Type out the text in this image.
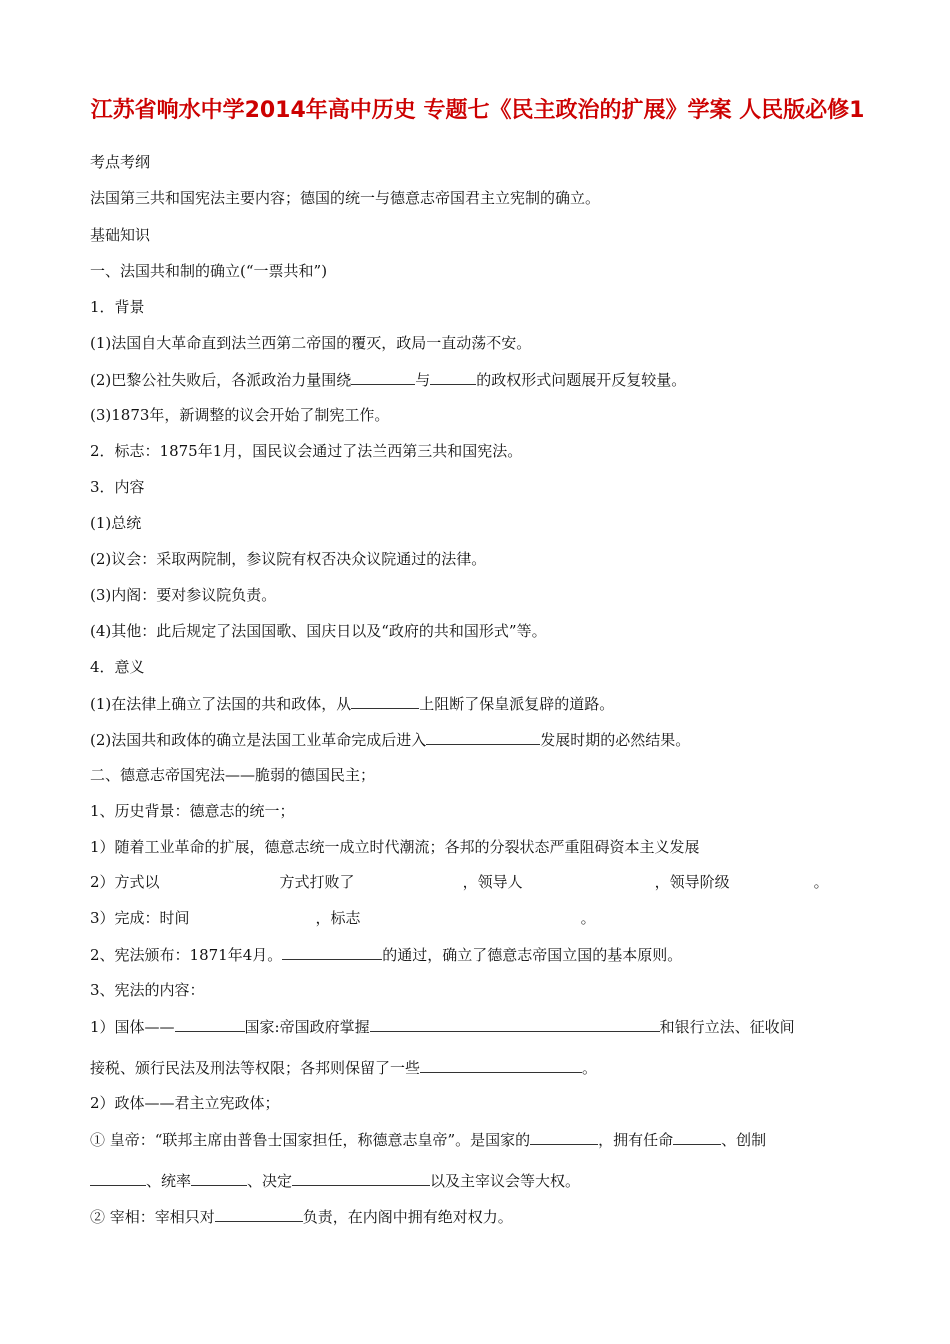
江苏省响水中学2014年高中历史 专题七《民主政治的扩展》学案 人民版必修1
考点考纲
法国第三共和国宪法主要内容；德国的统一与德意志帝国君主立宪制的确立。
基础知识
一、法国共和制的确立(“一票共和”)
1．背景
(1)法国自大革命直到法兰西第二帝国的覆灭，政局一直动荡不安。
(2)巴黎公社失败后，各派政治力量围绕	与	的政权形式问题展开反复较量。
(3)1873年，新调整的议会开始了制宪工作。
2．标志：1875年1月，国民议会通过了法兰西第三共和国宪法。
3．内容
(1)总统
(2)议会：采取两院制，参议院有权否决众议院通过的法律。
(3)内阁：要对参议院负责。
(4)其他：此后规定了法国国歌、国庆日以及“政府的共和国形式”等。
4．意义
(1)在法律上确立了法国的共和政体，从	上阻断了保皇派复辟的道路。
(2)法国共和政体的确立是法国工业革命完成后进入	发展时期的必然结果。
二、德意志帝国宪法——脆弱的德国民主；
1、历史背景：德意志的统一；
1）随着工业革命的扩展，德意志统一成立时代潮流；各邦的分裂状态严重阻碍资本主义发展
2）方式以	方式打败了	，领导人	，领导阶级	。
3）完成：时间	，标志	。
2、宪法颁布：1871年4月。	的通过，确立了德意志帝国立国的基本原则。
3、宪法的内容：
1）国体——	国家:帝国政府掌握	和银行立法、征收间
接税、颁行民法及刑法等权限；各邦则保留了一些	。
2）政体——君主立宪政体；
① 皇帝：“联邦主席由普鲁士国家担任，称德意志皇帝”。是国家的	，拥有任命	、创制
、统率	、决定	以及主宰议会等大权。
② 宰相：宰相只对	负责，在内阁中拥有绝对权力。
